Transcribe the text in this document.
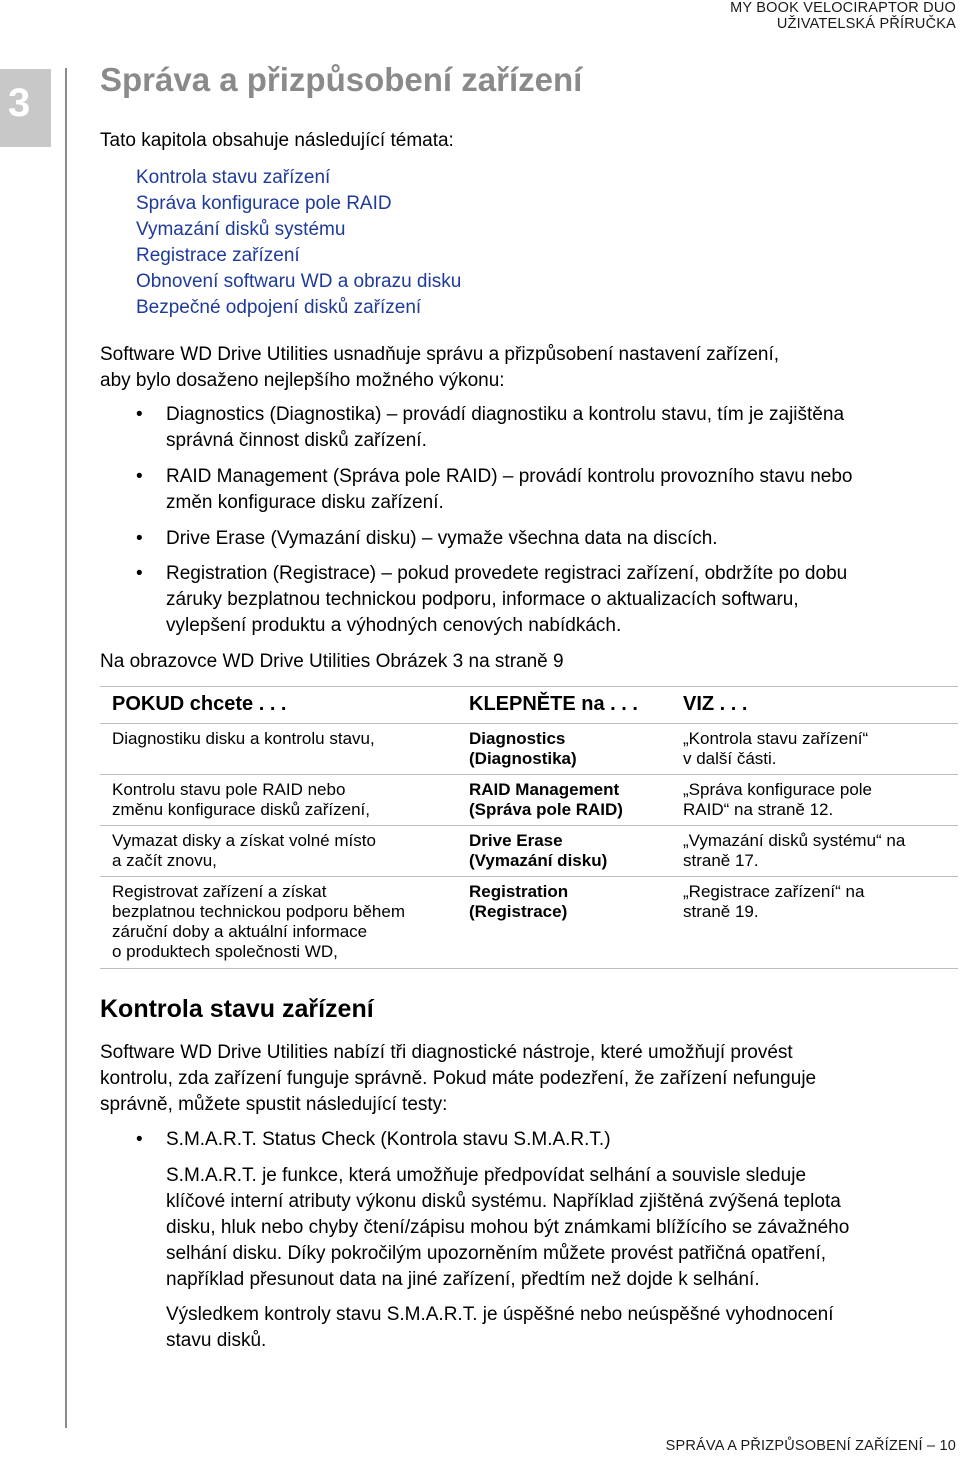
MY BOOK VELOCIRAPTOR DUO
UŽIVATELSKÁ PŘÍRUČKA
3
Správa a přizpůsobení zařízení
Tato kapitola obsahuje následující témata:
Kontrola stavu zařízení
Správa konfigurace pole RAID
Vymazání disků systému
Registrace zařízení
Obnovení softwaru WD a obrazu disku
Bezpečné odpojení disků zařízení
Software WD Drive Utilities usnadňuje správu a přizpůsobení nastavení zařízení,
aby bylo dosaženo nejlepšího možného výkonu:
• Diagnostics (Diagnostika) – provádí diagnostiku a kontrolu stavu, tím je zajištěna
správná činnost disků zařízení.
• RAID Management (Správa pole RAID) – provádí kontrolu provozního stavu nebo
změn konfigurace disku zařízení.
• Drive Erase (Vymazání disku) – vymaže všechna data na discích.
• Registration (Registrace) – pokud provedete registraci zařízení, obdržíte po dobu
záruky bezplatnou technickou podporu, informace o aktualizacích softwaru,
vylepšení produktu a výhodných cenových nabídkách.
Na obrazovce WD Drive Utilities Obrázek 3 na straně 9
POKUD chcete . . .	KLEPNĚTE na . . . VIZ . . .
Diagnostiku disku a kontrolu stavu,	Diagnostics
(Diagnostika)
„Kontrola stavu zařízení“
v další části.
Kontrolu stavu pole RAID nebo
změnu konfigurace disků zařízení,
RAID Management
(Správa pole RAID)
„Správa konfigurace pole
RAID“ na straně 12.
Vymazat disky a získat volné místo
a začít znovu,
Drive Erase
(Vymazání disku)
„Vymazání disků systému“ na
straně 17.
Registrovat zařízení a získat
bezplatnou technickou podporu během
záruční doby a aktuální informace
o produktech společnosti WD,
Registration
(Registrace)
„Registrace zařízení“ na
straně 19.
Kontrola stavu zařízení
Software WD Drive Utilities nabízí tři diagnostické nástroje, které umožňují provést
kontrolu, zda zařízení funguje správně. Pokud máte podezření, že zařízení nefunguje
správně, můžete spustit následující testy:
• S.M.A.R.T. Status Check (Kontrola stavu S.M.A.R.T.)
S.M.A.R.T. je funkce, která umožňuje předpovídat selhání a souvisle sleduje
klíčové interní atributy výkonu disků systému. Například zjištěná zvýšená teplota
disku, hluk nebo chyby čtení/zápisu mohou být známkami blížícího se závažného
selhání disku. Díky pokročilým upozorněním můžete provést patřičná opatření,
například přesunout data na jiné zařízení, předtím než dojde k selhání.
Výsledkem kontroly stavu S.M.A.R.T. je úspěšné nebo neúspěšné vyhodnocení
stavu disků.
SPRÁVA A PŘIZPŮSOBENÍ ZAŘÍZENÍ – 10
